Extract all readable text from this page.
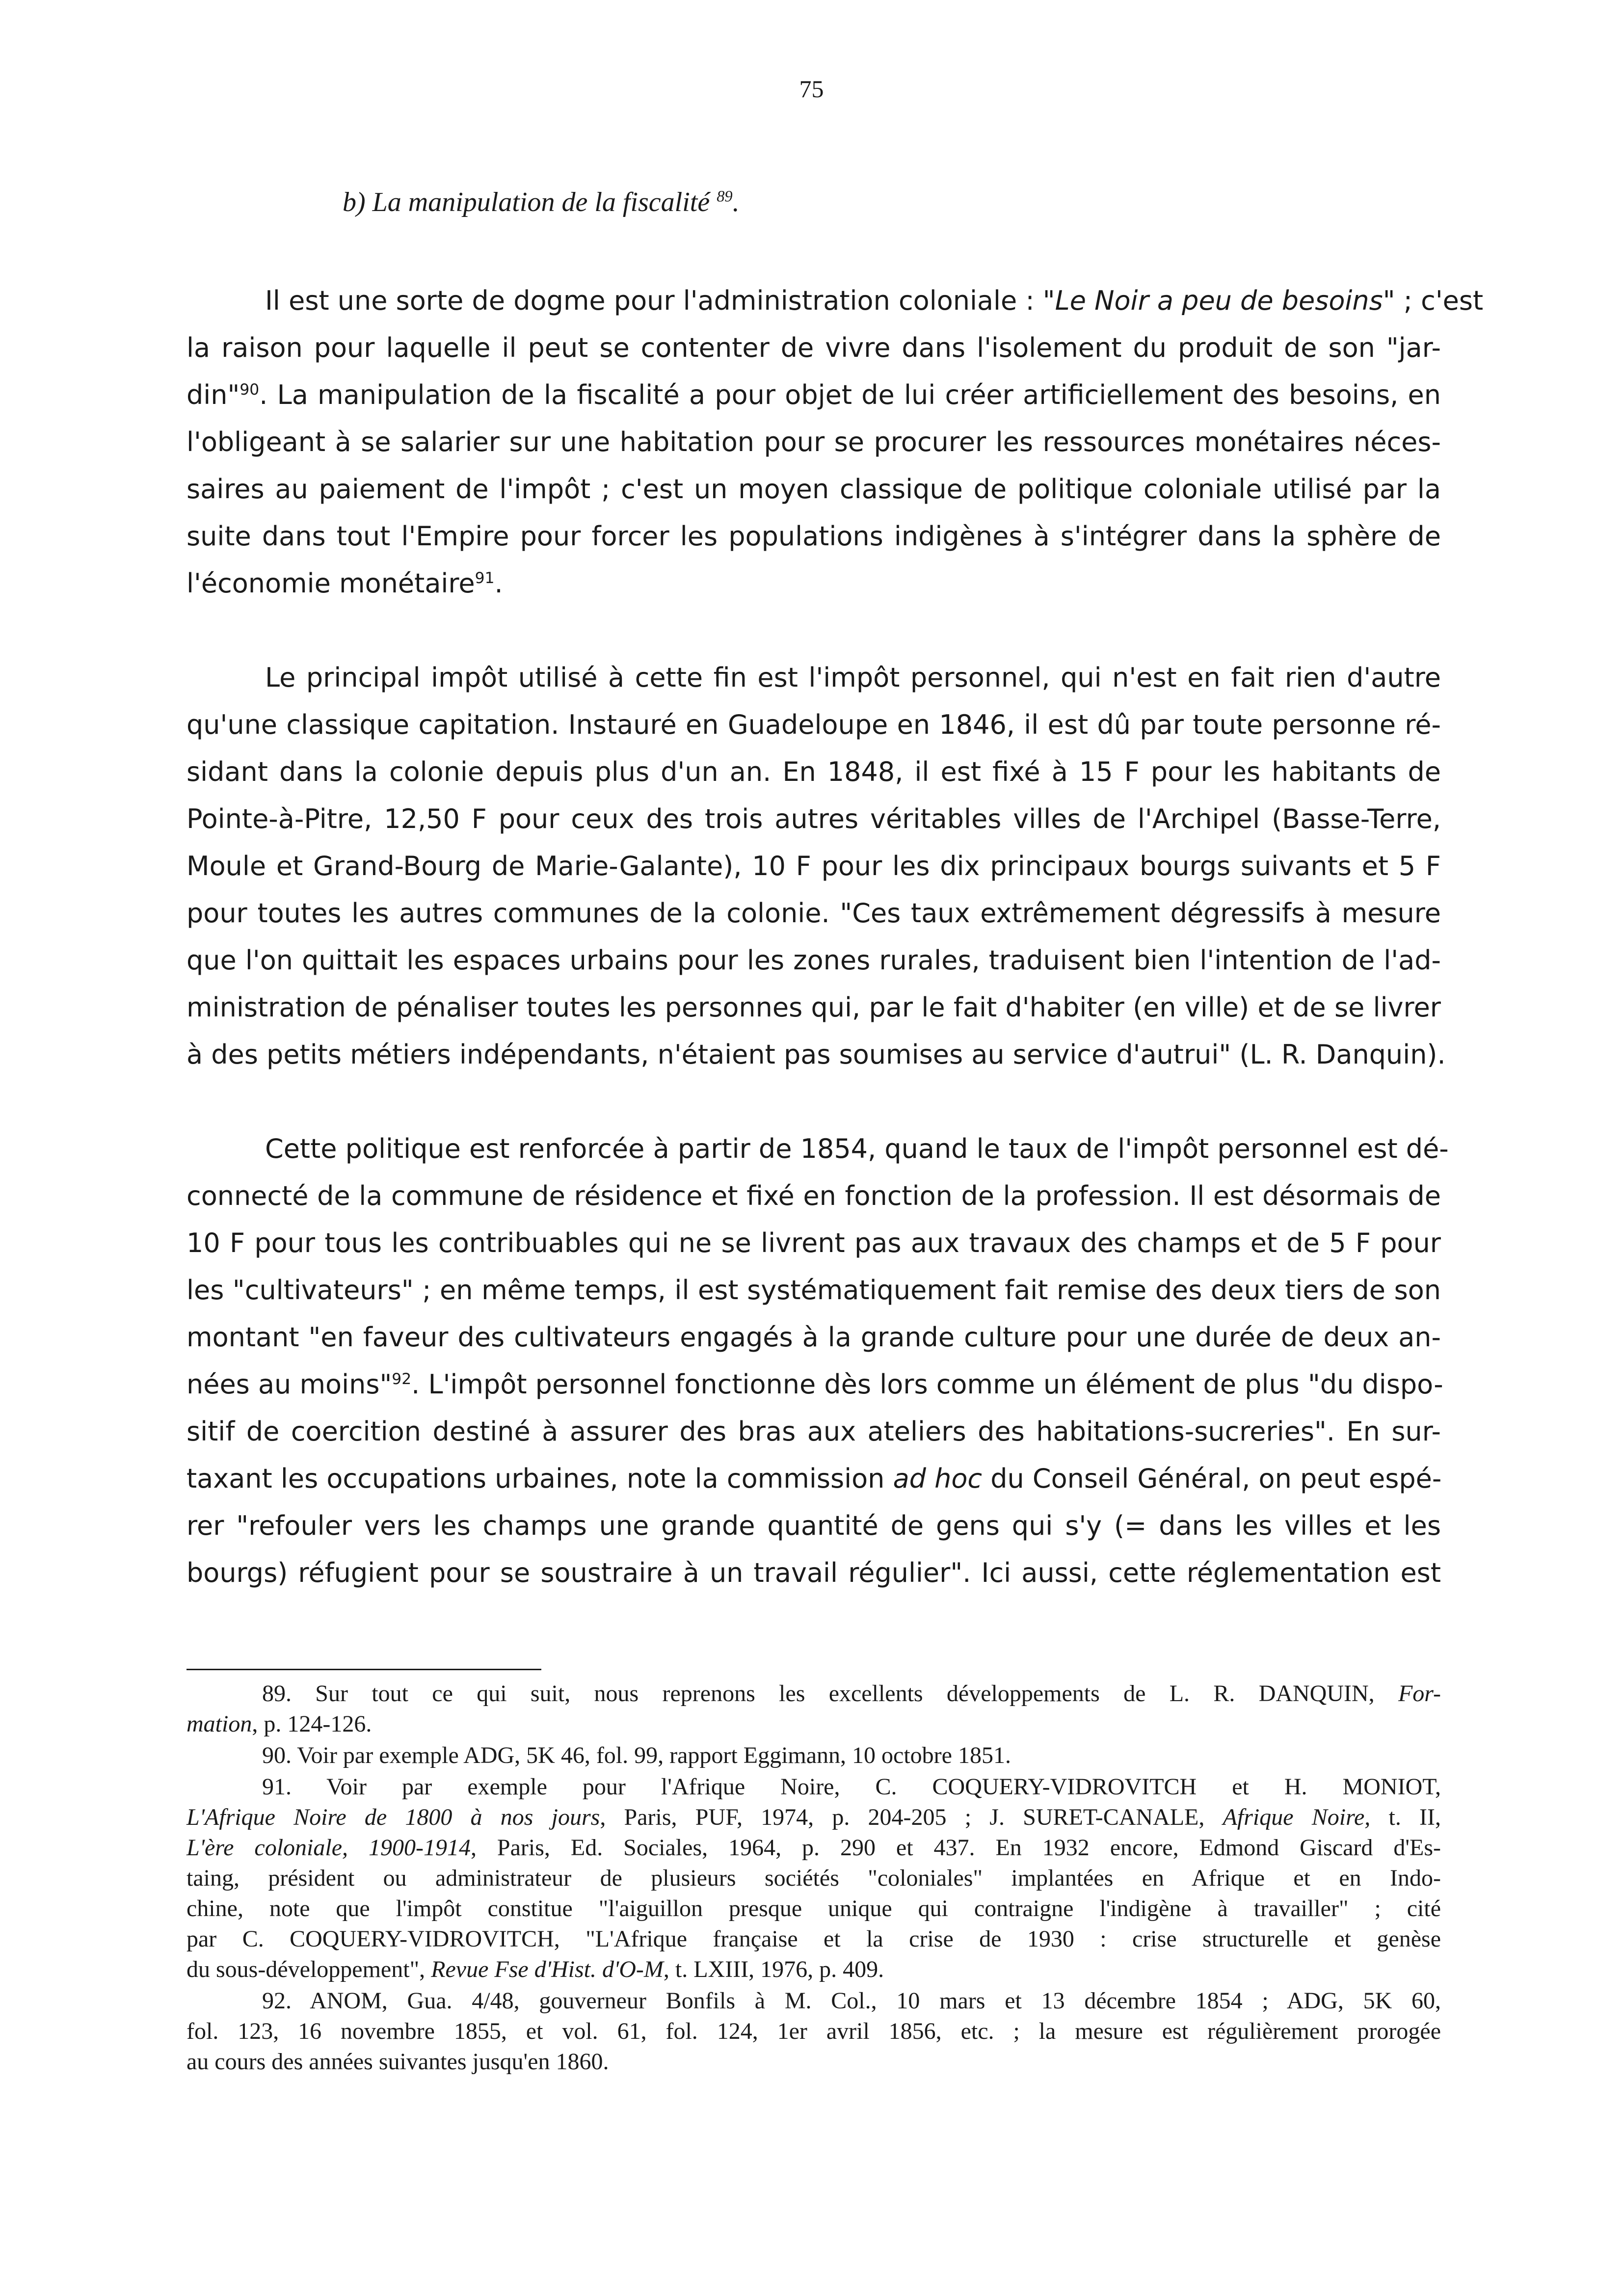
75
b) La manipulation de la fiscalité $^{89}$.
Il est une sorte de dogme pour l'administration coloniale : "Le Noir a peu de besoins" ; c'est
la raison pour laquelle il peut se contenter de vivre dans l'isolement du produit de son "jar-
din"$^{90}$. La manipulation de la fiscalité a pour objet de lui créer artificiellement des besoins, en
l'obligeant à se salarier sur une habitation pour se procurer les ressources monétaires néces-
saires au paiement de l'impôt ; c'est un moyen classique de politique coloniale utilisé par la
suite dans tout l'Empire pour forcer les populations indigènes à s'intégrer dans la sphère de
l'économie monétaire$^{91}$.
Le principal impôt utilisé à cette fin est l'impôt personnel, qui n'est en fait rien d'autre
qu'une classique capitation. Instauré en Guadeloupe en 1846, il est dû par toute personne ré-
sidant dans la colonie depuis plus d'un an. En 1848, il est fixé à 15 F pour les habitants de
Pointe-à-Pitre, 12,50 F pour ceux des trois autres véritables villes de l'Archipel (Basse-Terre,
Moule et Grand-Bourg de Marie-Galante), 10 F pour les dix principaux bourgs suivants et 5 F
pour toutes les autres communes de la colonie. "Ces taux extrêmement dégressifs à mesure
que l'on quittait les espaces urbains pour les zones rurales, traduisent bien l'intention de l'ad-
ministration de pénaliser toutes les personnes qui, par le fait d'habiter (en ville) et de se livrer
à des petits métiers indépendants, n'étaient pas soumises au service d'autrui" (L. R. Danquin).
Cette politique est renforcée à partir de 1854, quand le taux de l'impôt personnel est dé-
connecté de la commune de résidence et fixé en fonction de la profession. Il est désormais de
10 F pour tous les contribuables qui ne se livrent pas aux travaux des champs et de 5 F pour
les "cultivateurs" ; en même temps, il est systématiquement fait remise des deux tiers de son
montant "en faveur des cultivateurs engagés à la grande culture pour une durée de deux an-
nées au moins"$^{92}$. L'impôt personnel fonctionne dès lors comme un élément de plus "du dispo-
sitif de coercition destiné à assurer des bras aux ateliers des habitations-sucreries". En sur-
taxant les occupations urbaines, note la commission ad hoc du Conseil Général, on peut espé-
rer "refouler vers les champs une grande quantité de gens qui s'y (= dans les villes et les
bourgs) réfugient pour se soustraire à un travail régulier". Ici aussi, cette réglementation est
89. Sur tout ce qui suit, nous reprenons les excellents développements de L. R. DANQUIN, For-
mation, p. 124-126.
90. Voir par exemple ADG, 5K 46, fol. 99, rapport Eggimann, 10 octobre 1851.
91. Voir par exemple pour l'Afrique Noire, C. COQUERY-VIDROVITCH et H. MONIOT,
L'Afrique Noire de 1800 à nos jours, Paris, PUF, 1974, p. 204-205 ; J. SURET-CANALE, Afrique Noire, t. II,
L'ère coloniale, 1900-1914, Paris, Ed. Sociales, 1964, p. 290 et 437. En 1932 encore, Edmond Giscard d'Es-
taing, président ou administrateur de plusieurs sociétés "coloniales" implantées en Afrique et en Indo-
chine, note que l'impôt constitue "l'aiguillon presque unique qui contraigne l'indigène à travailler" ; cité
par C. COQUERY-VIDROVITCH, "L'Afrique française et la crise de 1930 : crise structurelle et genèse
du sous-développement", Revue Fse d'Hist. d'O-M, t. LXIII, 1976, p. 409.
92. ANOM, Gua. 4/48, gouverneur Bonfils à M. Col., 10 mars et 13 décembre 1854 ; ADG, 5K 60,
fol. 123, 16 novembre 1855, et vol. 61, fol. 124, 1er avril 1856, etc. ; la mesure est régulièrement prorogée
au cours des années suivantes jusqu'en 1860.
